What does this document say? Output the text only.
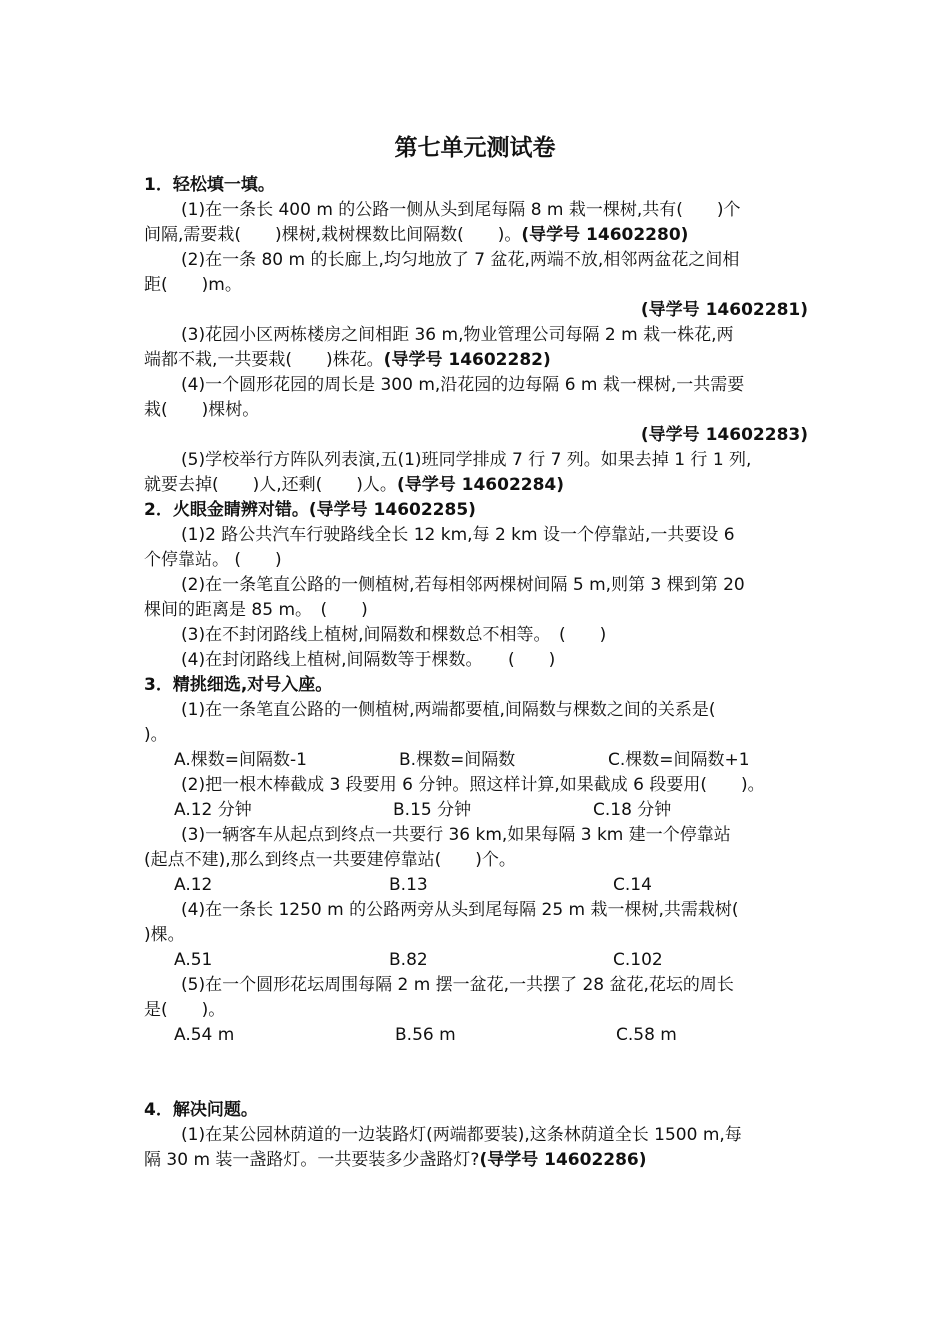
第七单元测试卷

1．轻松填一填。

(1)在一条长 400 m 的公路一侧从头到尾每隔 8 m 栽一棵树,共有(　　)个

间隔,需要栽(　　)棵树,栽树棵数比间隔数(　　)。(导学号 14602280)

(2)在一条 80 m 的长廊上,均匀地放了 7 盆花,两端不放,相邻两盆花之间相

距(　　)m。

(导学号 14602281)

(3)花园小区两栋楼房之间相距 36 m,物业管理公司每隔 2 m 栽一株花,两

端都不栽,一共要栽(　　)株花。(导学号 14602282)

(4)一个圆形花园的周长是 300 m,沿花园的边每隔 6 m 栽一棵树,一共需要

栽(　　)棵树。

(导学号 14602283)

(5)学校举行方阵队列表演,五(1)班同学排成 7 行 7 列。如果去掉 1 行 1 列,

就要去掉(　　)人,还剩(　　)人。(导学号 14602284)

2．火眼金睛辨对错。(导学号 14602285)

(1)2 路公共汽车行驶路线全长 12 km,每 2 km 设一个停靠站,一共要设 6

个停靠站。 (　　)

(2)在一条笔直公路的一侧植树,若每相邻两棵树间隔 5 m,则第 3 棵到第 20

棵间的距离是 85 m。　(　　)

(3)在不封闭路线上植树,间隔数和棵数总不相等。　(　　)

(4)在封闭路线上植树,间隔数等于棵数。　　(　　)

3．精挑细选,对号入座。

(1)在一条笔直公路的一侧植树,两端都要植,间隔数与棵数之间的关系是(

)。

A.棵数=间隔数-1	B.棵数=间隔数	C.棵数=间隔数+1

(2)把一根木棒截成 3 段要用 6 分钟。照这样计算,如果截成 6 段要用(　　)。

A.12 分钟	B.15 分钟	C.18 分钟

(3)一辆客车从起点到终点一共要行 36 km,如果每隔 3 km 建一个停靠站

(起点不建),那么到终点一共要建停靠站(　　)个。

A.12	B.13	C.14

(4)在一条长 1250 m 的公路两旁从头到尾每隔 25 m 栽一棵树,共需栽树(

)棵。

A.51	B.82	C.102

(5)在一个圆形花坛周围每隔 2 m 摆一盆花,一共摆了 28 盆花,花坛的周长

是(　　)。

A.54 m	B.56 m	C.58 m

4．解决问题。

(1)在某公园林荫道的一边装路灯(两端都要装),这条林荫道全长 1500 m,每

隔 30 m 装一盏路灯。一共要装多少盏路灯?(导学号 14602286)
